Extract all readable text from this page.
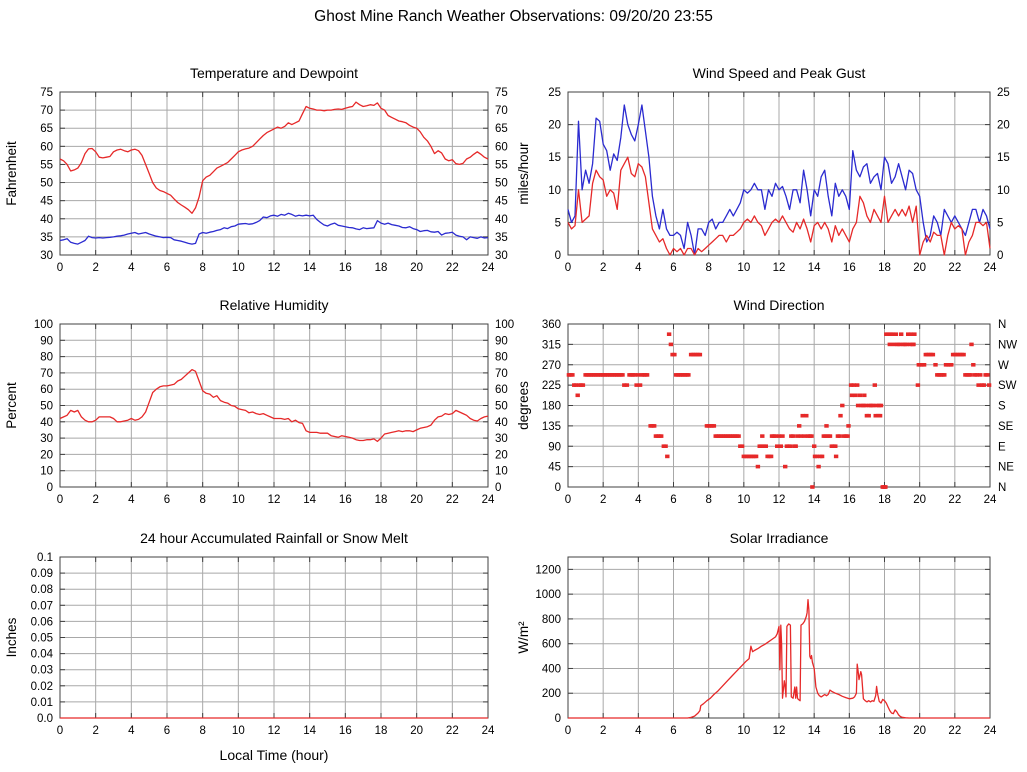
Ghost Mine Ranch Weather Observations: 09/20/20 23:55
0	2	4	6	8 10 12 14 16 18 20 22 24
30
35
40
45
50
55
60
65
70
75
30
35
40
45
50
55
60
65
70
75
Temperature and Dewpoint
Fahrenheit
0	2	4	6	8 10 12 14 16 18 20 22 24
0
5
10
15
20
25
0
5
10
15
20
25
Wind Speed and Peak Gust
miles/hour
0	2	4	6	8 10 12 14 16 18 20 22 24
0
10
20
30
40
50
60
70
80
90
100
0
10
20
30
40
50
60
70
80
90
100
Relative Humidity
Percent
0	2	4	6	8 10 12 14 16 18 20 22 24
0
45
90
135
180
225
270
315
360
N
NE
E
SE
S
SW
W
NW
N
Wind Direction
degrees
0	2	4	6	8 10 12 14 16 18 20 22 24
0.0
0.01
0.02
0.03
0.04
0.05
0.06
0.07
0.08
0.09
0.1
24 hour Accumulated Rainfall or Snow Melt
Inches
Local Time (hour)
0	2	4	6	8 10 12 14 16 18 20 22 24
0
200
400
600
800
1000
1200
Solar Irradiance
W/m²
